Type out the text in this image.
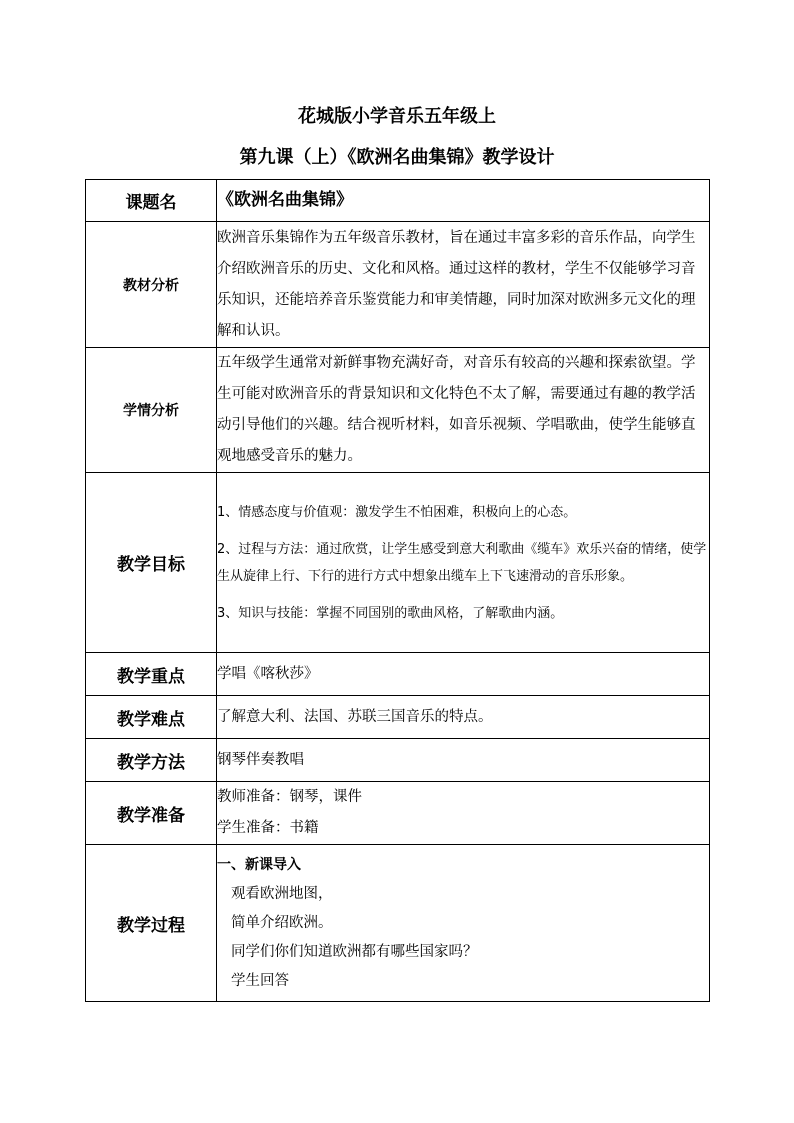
花城版小学音乐五年级上
第九课（上）《欧洲名曲集锦》教学设计
课题名	《欧洲名曲集锦》
教材分析	欧洲音乐集锦作为五年级音乐教材，旨在通过丰富多彩的音乐作品，向学生介绍欧洲音乐的历史、文化和风格。通过这样的教材，学生不仅能够学习音乐知识，还能培养音乐鉴赏能力和审美情趣，同时加深对欧洲多元文化的理解和认识。
学情分析	五年级学生通常对新鲜事物充满好奇，对音乐有较高的兴趣和探索欲望。学生可能对欧洲音乐的背景知识和文化特色不太了解，需要通过有趣的教学活动引导他们的兴趣。结合视听材料，如音乐视频、学唱歌曲，使学生能够直观地感受音乐的魅力。
教学目标	1、情感态度与价值观：激发学生不怕困难，积极向上的心态。

2、过程与方法：通过欣赏，让学生感受到意大利歌曲《缆车》欢乐兴奋的情绪，使学生从旋律上行、下行的进行方式中想象出缆车上下飞速滑动的音乐形象。

3、知识与技能：掌握不同国别的歌曲风格，了解歌曲内涵。

教学重点	学唱《喀秋莎》
教学难点	了解意大利、法国、苏联三国音乐的特点。
教学方法	钢琴伴奏教唱
教学准备	教师准备：钢琴，课件
学生准备：书籍

教学过程	一、新课导入
观看欧洲地图，
简单介绍欧洲。
同学们你们知道欧洲都有哪些国家吗？
学生回答
